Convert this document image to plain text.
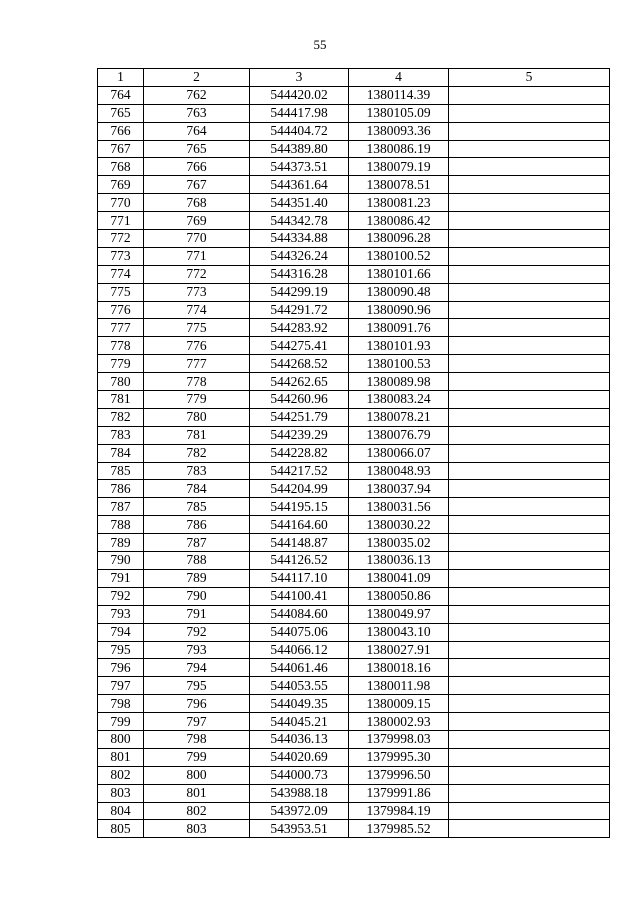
55
1	2	3	4	5
764	762	544420.02	1380114.39	
765	763	544417.98	1380105.09	
766	764	544404.72	1380093.36	
767	765	544389.80	1380086.19	
768	766	544373.51	1380079.19	
769	767	544361.64	1380078.51	
770	768	544351.40	1380081.23	
771	769	544342.78	1380086.42	
772	770	544334.88	1380096.28	
773	771	544326.24	1380100.52	
774	772	544316.28	1380101.66	
775	773	544299.19	1380090.48	
776	774	544291.72	1380090.96	
777	775	544283.92	1380091.76	
778	776	544275.41	1380101.93	
779	777	544268.52	1380100.53	
780	778	544262.65	1380089.98	
781	779	544260.96	1380083.24	
782	780	544251.79	1380078.21	
783	781	544239.29	1380076.79	
784	782	544228.82	1380066.07	
785	783	544217.52	1380048.93	
786	784	544204.99	1380037.94	
787	785	544195.15	1380031.56	
788	786	544164.60	1380030.22	
789	787	544148.87	1380035.02	
790	788	544126.52	1380036.13	
791	789	544117.10	1380041.09	
792	790	544100.41	1380050.86	
793	791	544084.60	1380049.97	
794	792	544075.06	1380043.10	
795	793	544066.12	1380027.91	
796	794	544061.46	1380018.16	
797	795	544053.55	1380011.98	
798	796	544049.35	1380009.15	
799	797	544045.21	1380002.93	
800	798	544036.13	1379998.03	
801	799	544020.69	1379995.30	
802	800	544000.73	1379996.50	
803	801	543988.18	1379991.86	
804	802	543972.09	1379984.19	
805	803	543953.51	1379985.52	
